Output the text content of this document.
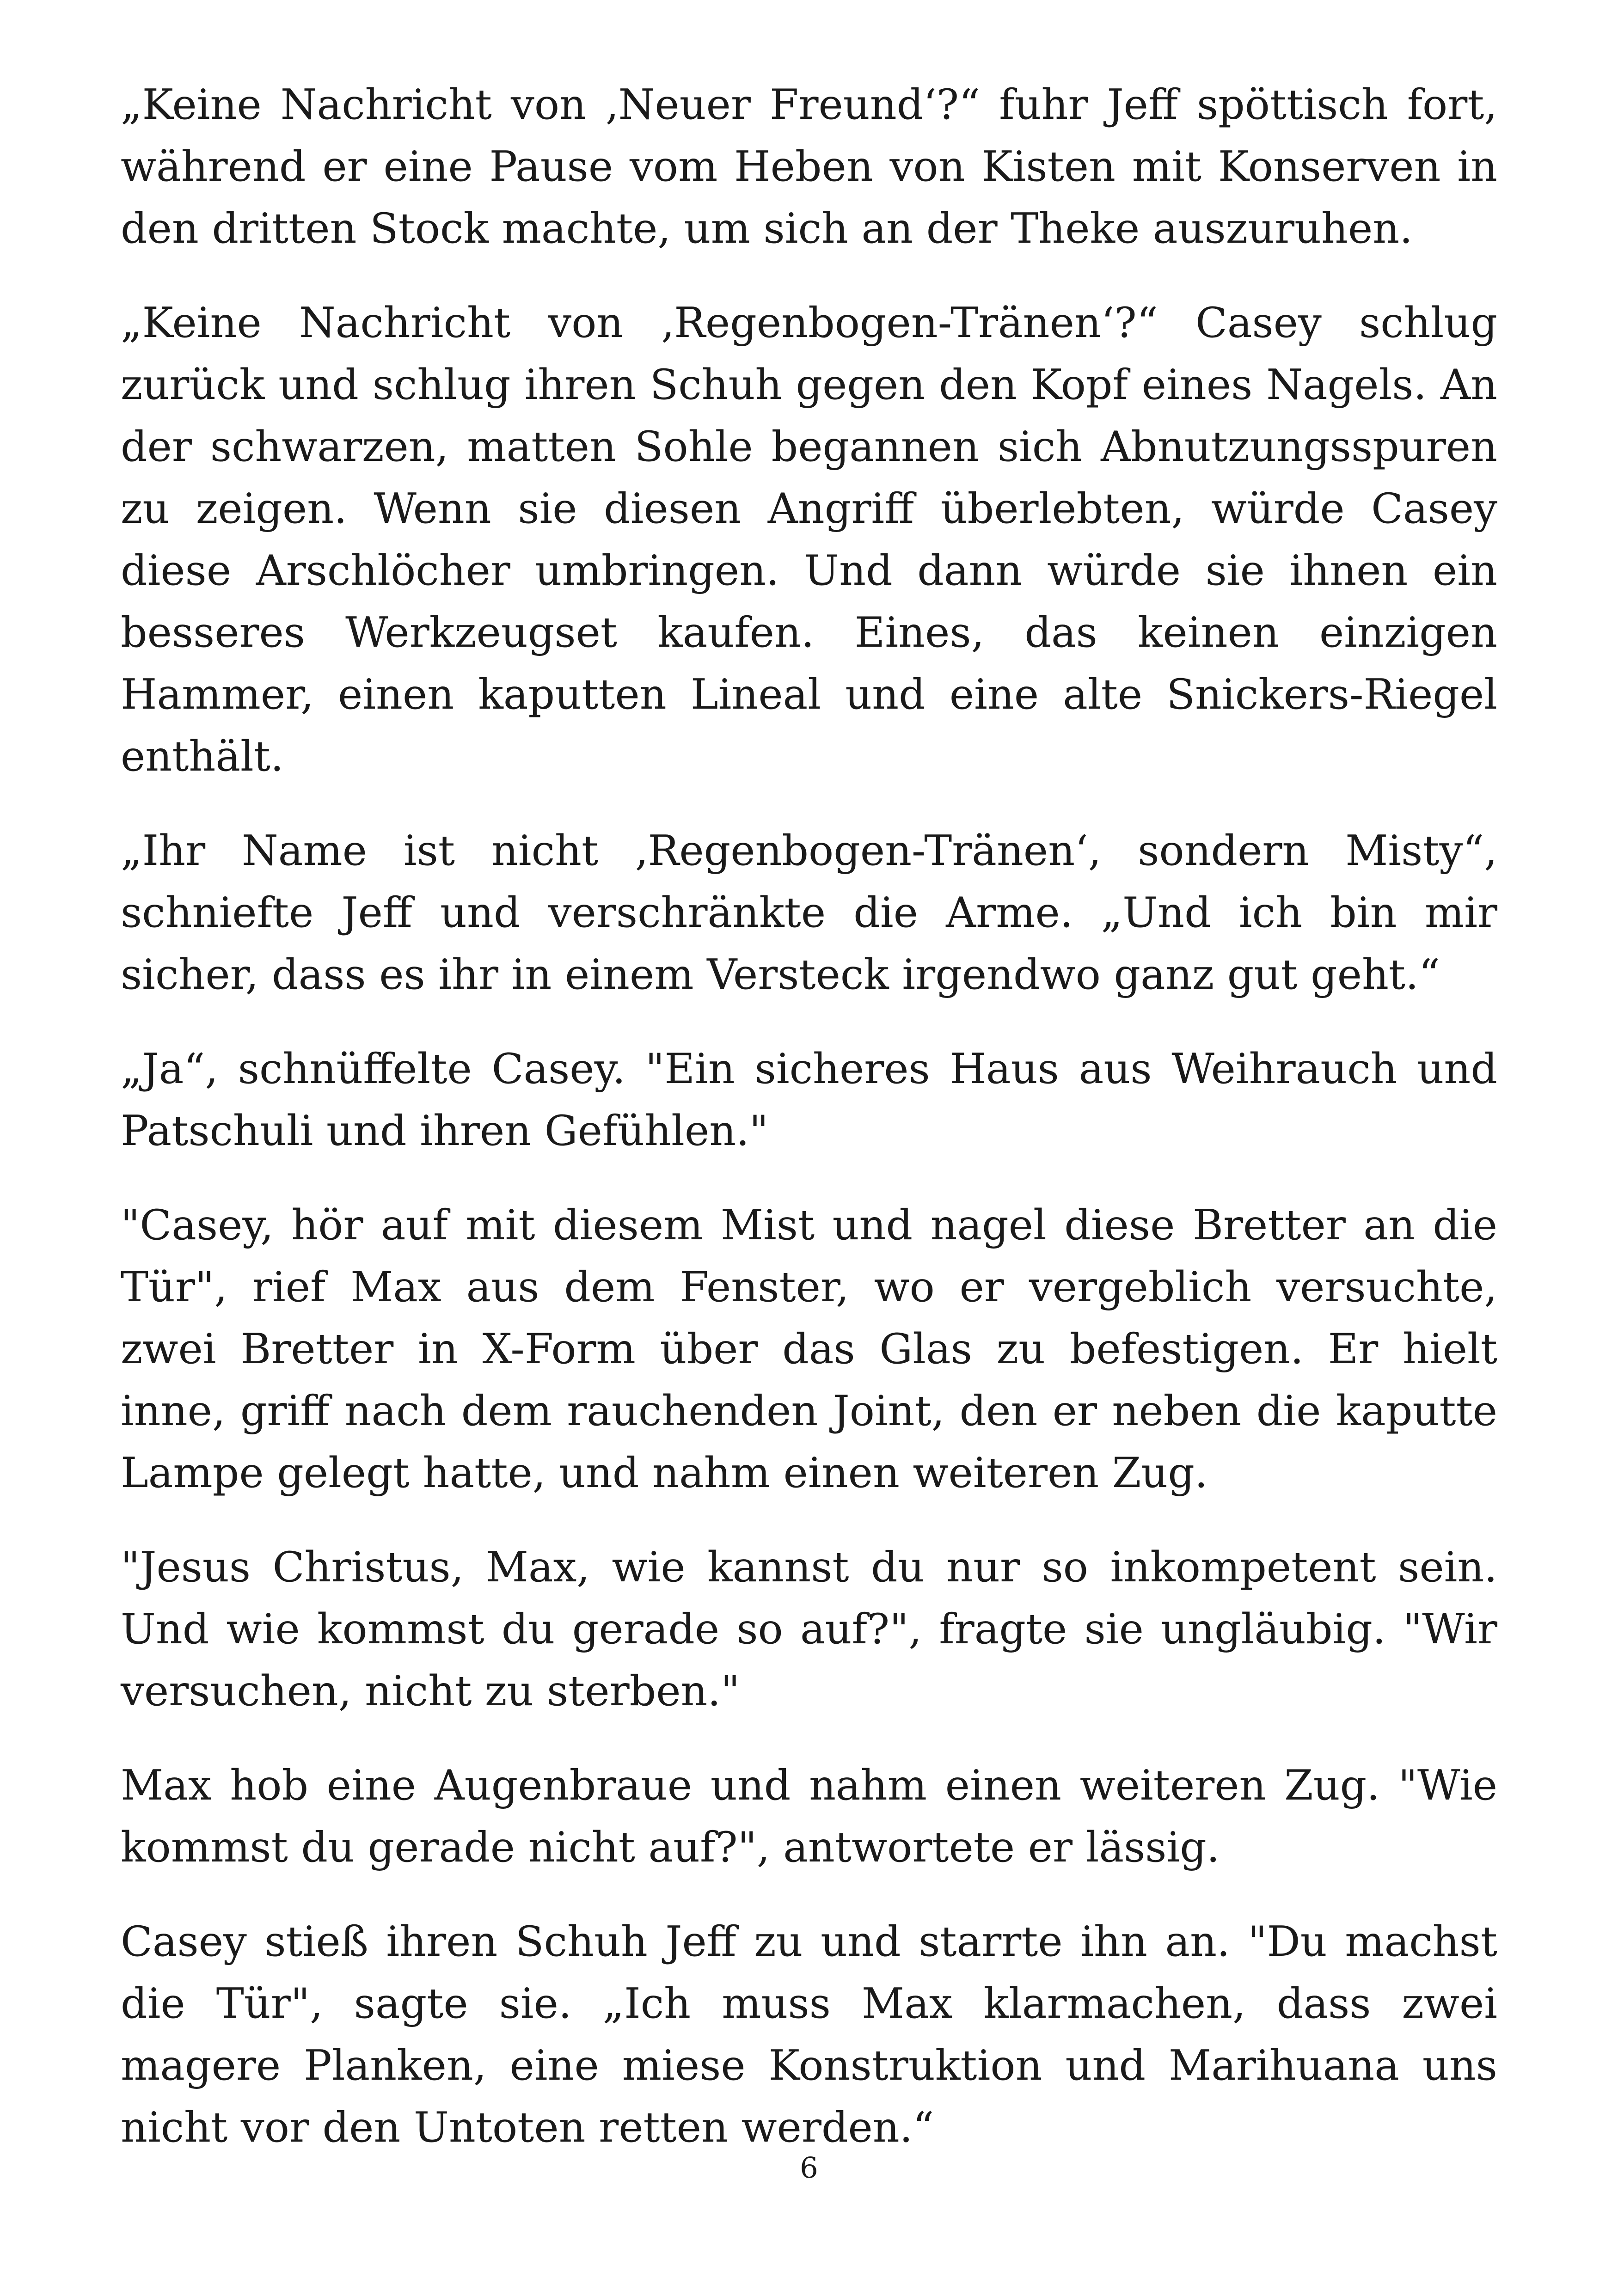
„Keine Nachricht von ‚Neuer Freund‘?“ fuhr Jeff spöttisch fort, während er eine Pause vom Heben von Kisten mit Konserven in den dritten Stock machte, um sich an der Theke auszuruhen.

„Keine Nachricht von ‚Regenbogen-Tränen‘?“ Casey schlug zurück und schlug ihren Schuh gegen den Kopf eines Nagels. An der schwarzen, matten Sohle begannen sich Abnutzungsspuren zu zeigen. Wenn sie diesen Angriff überlebten, würde Casey diese Arschlöcher umbringen. Und dann würde sie ihnen ein besseres Werkzeugset kaufen. Eines, das keinen einzigen Hammer, einen kaputten Lineal und eine alte Snickers-Riegel enthält.

„Ihr Name ist nicht ‚Regenbogen-Tränen‘, sondern Misty“, schniefte Jeff und verschränkte die Arme. „Und ich bin mir sicher, dass es ihr in einem Versteck irgendwo ganz gut geht.“

„Ja“, schnüffelte Casey. "Ein sicheres Haus aus Weihrauch und Patschuli und ihren Gefühlen."

"Casey, hör auf mit diesem Mist und nagel diese Bretter an die Tür", rief Max aus dem Fenster, wo er vergeblich versuchte, zwei Bretter in X-Form über das Glas zu befestigen. Er hielt inne, griff nach dem rauchenden Joint, den er neben die kaputte Lampe gelegt hatte, und nahm einen weiteren Zug.

"Jesus Christus, Max, wie kannst du nur so inkompetent sein. Und wie kommst du gerade so auf?", fragte sie ungläubig. "Wir versuchen, nicht zu sterben."

Max hob eine Augenbraue und nahm einen weiteren Zug. "Wie kommst du gerade nicht auf?", antwortete er lässig.

Casey stieß ihren Schuh Jeff zu und starrte ihn an. "Du machst die Tür", sagte sie. „Ich muss Max klarmachen, dass zwei magere Planken, eine miese Konstruktion und Marihuana uns nicht vor den Untoten retten werden.“

6
